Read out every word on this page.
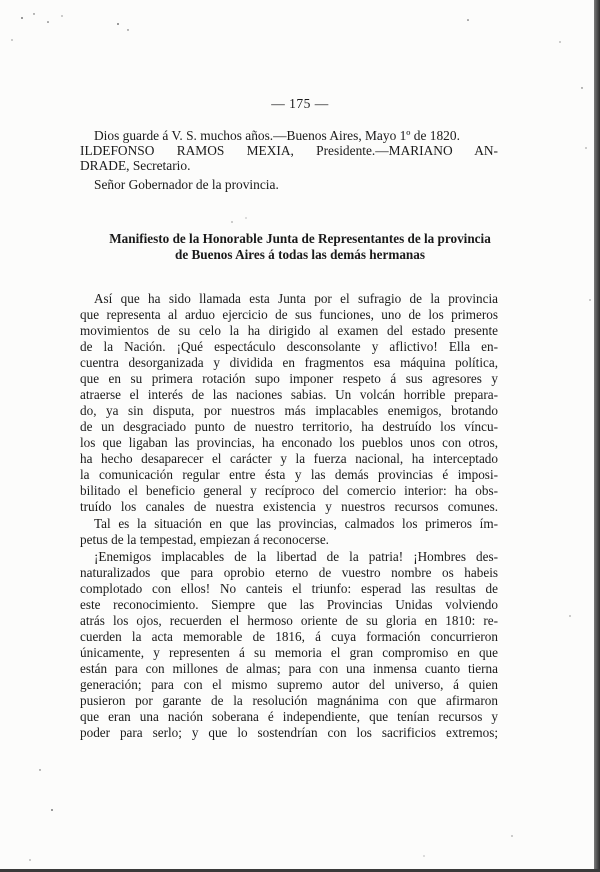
— 175 —
Dios guarde á V. S. muchos años.—Buenos Aires, Mayo 1º de 1820.
ILDEFONSO RAMOS MEXIA, Presidente.—MARIANO AN-
DRADE, Secretario.
Señor Gobernador de la provincia.
Manifiesto de la Honorable Junta de Representantes de la provincia
de Buenos Aires á todas las demás hermanas
Así que ha sido llamada esta Junta por el sufragio de la provincia
que representa al arduo ejercicio de sus funciones, uno de los primeros
movimientos de su celo la ha dirigido al examen del estado presente
de la Nación. ¡Qué espectáculo desconsolante y aflictivo! Ella en-
cuentra desorganizada y dividida en fragmentos esa máquina política,
que en su primera rotación supo imponer respeto á sus agresores y
atraerse el interés de las naciones sabias. Un volcán horrible prepara-
do, ya sin disputa, por nuestros más implacables enemigos, brotando
de un desgraciado punto de nuestro territorio, ha destruído los víncu-
los que ligaban las provincias, ha enconado los pueblos unos con otros,
ha hecho desaparecer el carácter y la fuerza nacional, ha interceptado
la comunicación regular entre ésta y las demás provincias é imposi-
bilitado el beneficio general y recíproco del comercio interior: ha obs-
truído los canales de nuestra existencia y nuestros recursos comunes.
Tal es la situación en que las provincias, calmados los primeros ím-
petus de la tempestad, empiezan á reconocerse.
¡Enemigos implacables de la libertad de la patria! ¡Hombres des-
naturalizados que para oprobio eterno de vuestro nombre os habeis
complotado con ellos! No canteis el triunfo: esperad las resultas de
este reconocimiento. Siempre que las Provincias Unidas volviendo
atrás los ojos, recuerden el hermoso oriente de su gloria en 1810: re-
cuerden la acta memorable de 1816, á cuya formación concurrieron
únicamente, y representen á su memoria el gran compromiso en que
están para con millones de almas; para con una inmensa cuanto tierna
generación; para con el mismo supremo autor del universo, á quien
pusieron por garante de la resolución magnánima con que afirmaron
que eran una nación soberana é independiente, que tenían recursos y
poder para serlo; y que lo sostendrían con los sacrificios extremos;
